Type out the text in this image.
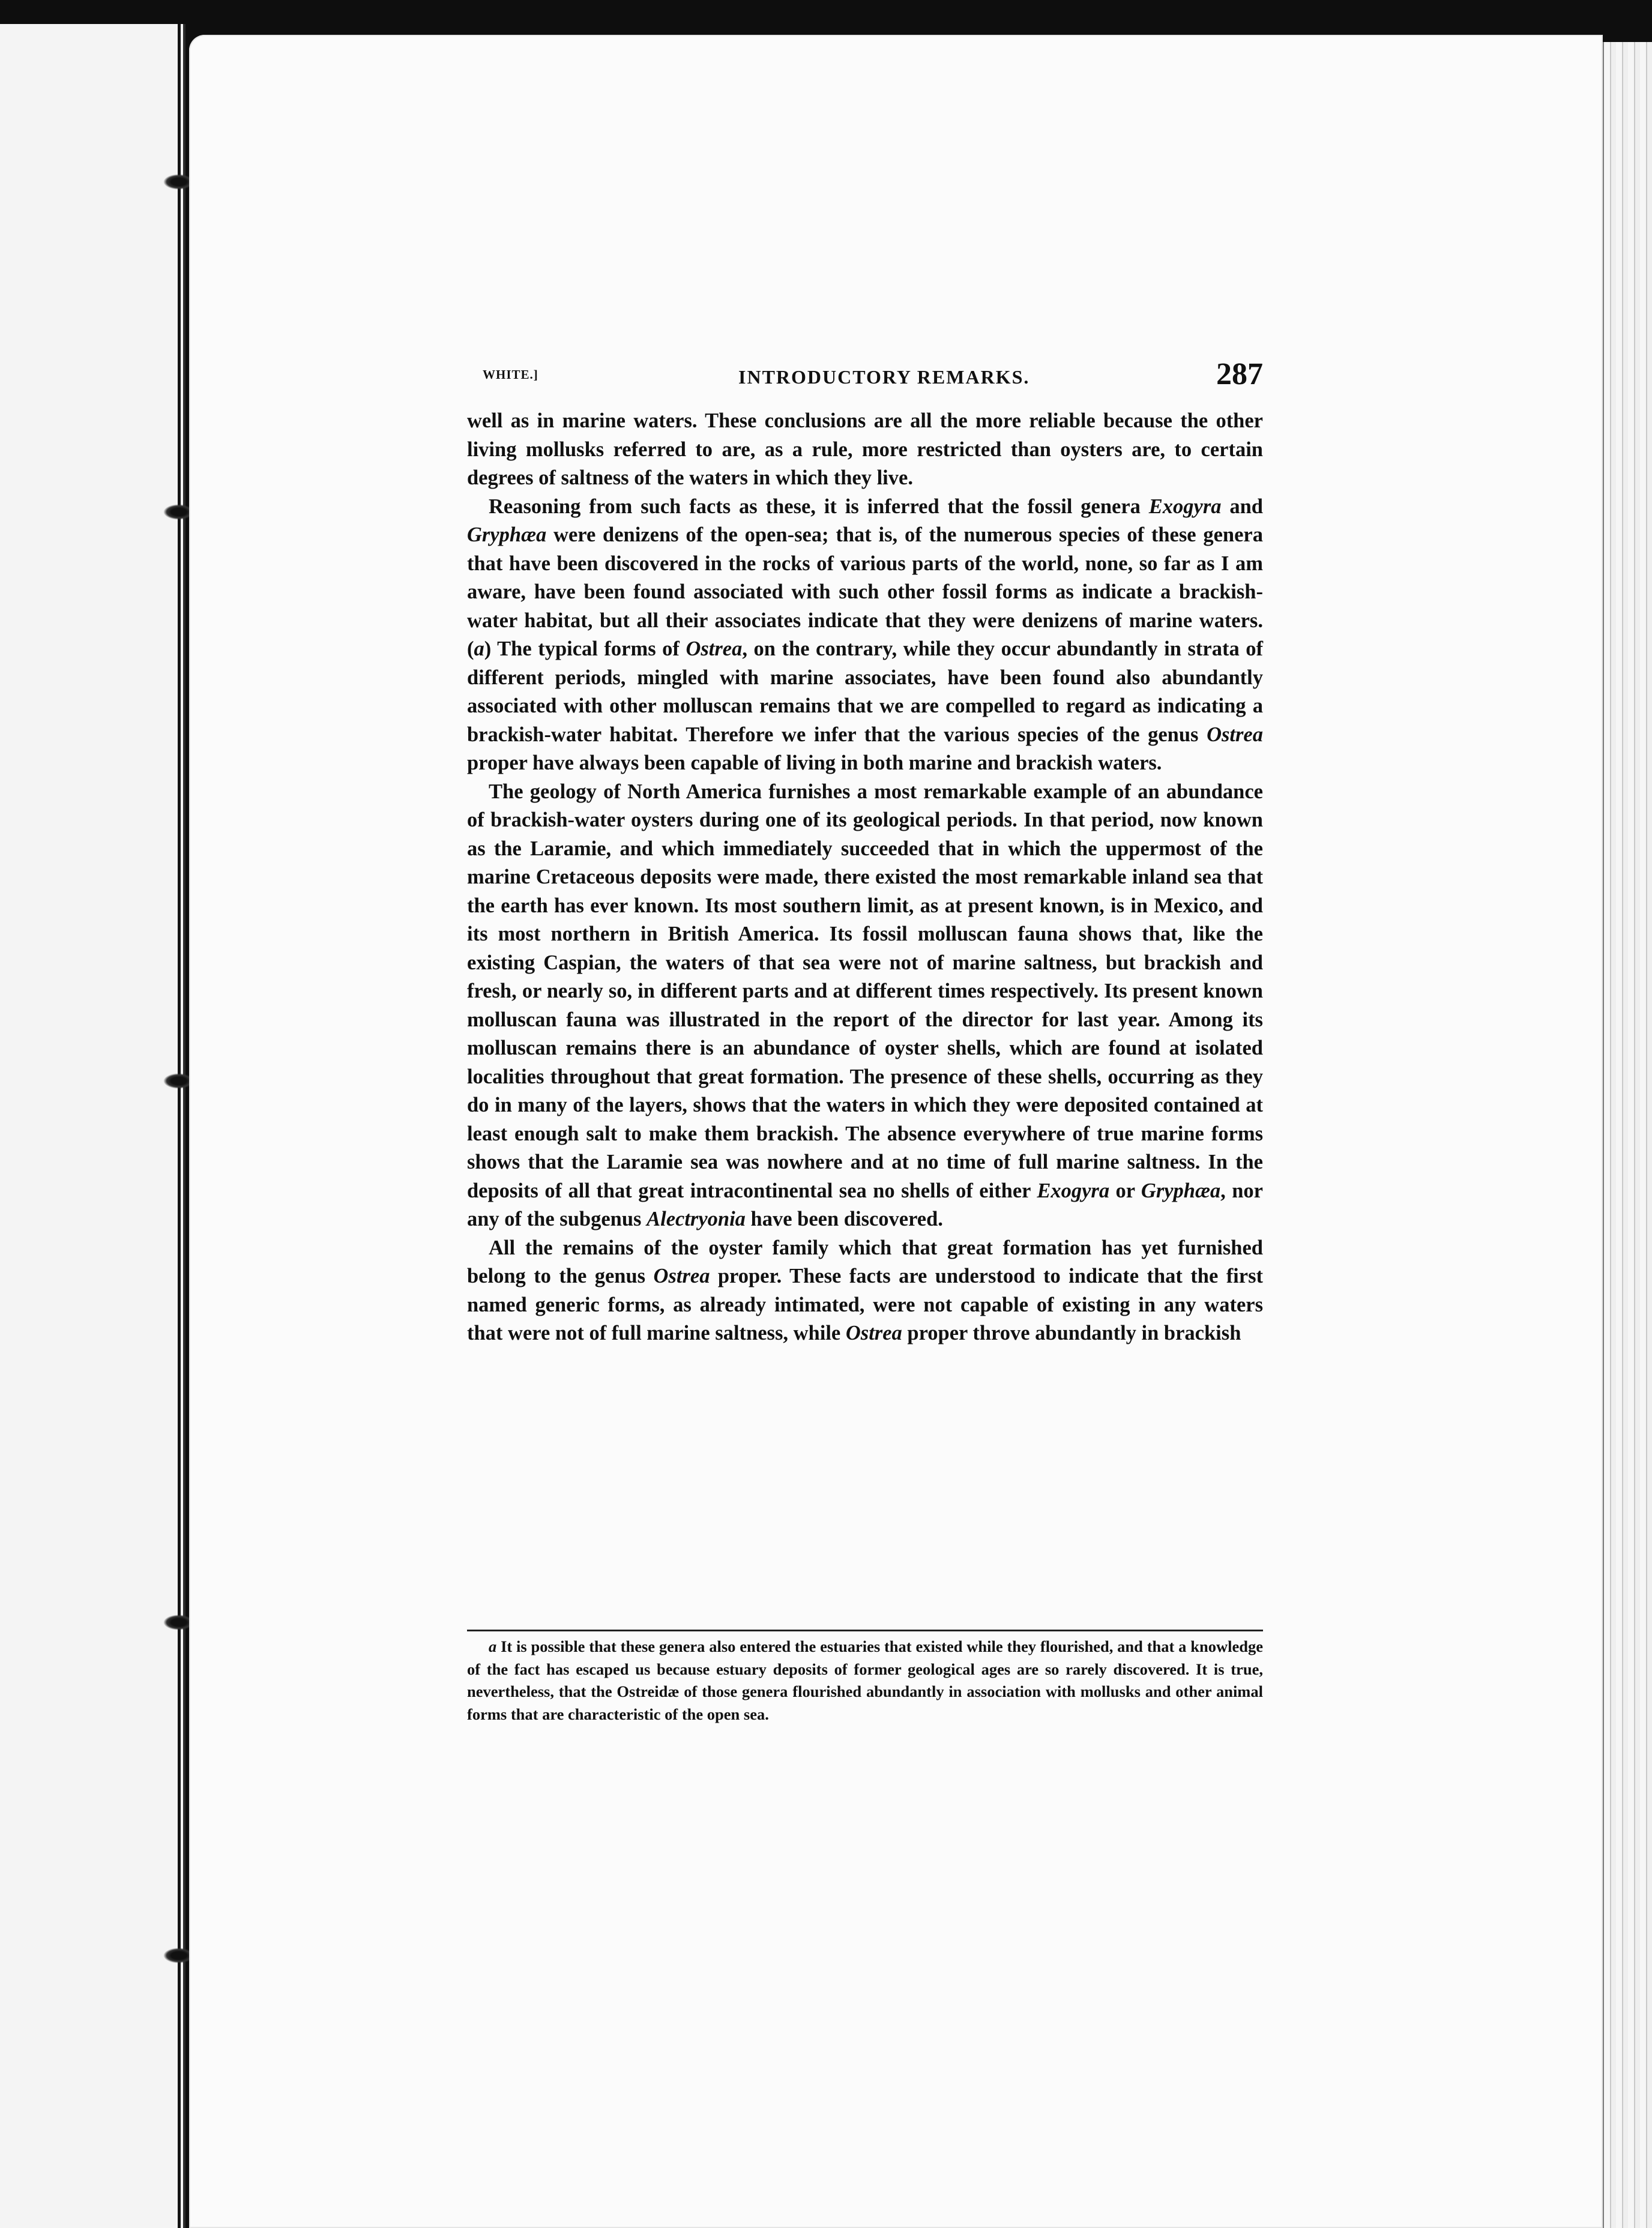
WHITE.]	INTRODUCTORY REMARKS.	287

well as in marine waters. These conclusions are all the more reliable because the other living mollusks referred to are, as a rule, more restricted than oysters are, to certain degrees of saltness of the waters in which they live.

Reasoning from such facts as these, it is inferred that the fossil genera Exogyra and Gryphæa were denizens of the open-sea; that is, of the numerous species of these genera that have been discovered in the rocks of various parts of the world, none, so far as I am aware, have been found associated with such other fossil forms as indicate a brackish-water habitat, but all their associates indicate that they were denizens of marine waters.(a) The typical forms of Ostrea, on the contrary, while they occur abundantly in strata of different periods, mingled with marine associates, have been found also abundantly associated with other molluscan remains that we are compelled to regard as indicating a brackish-water habitat. Therefore we infer that the various species of the genus Ostrea proper have always been capable of living in both marine and brackish waters.

The geology of North America furnishes a most remarkable example of an abundance of brackish-water oysters during one of its geological periods. In that period, now known as the Laramie, and which immediately succeeded that in which the uppermost of the marine Cretaceous deposits were made, there existed the most remarkable inland sea that the earth has ever known. Its most southern limit, as at present known, is in Mexico, and its most northern in British America. Its fossil molluscan fauna shows that, like the existing Caspian, the waters of that sea were not of marine saltness, but brackish and fresh, or nearly so, in different parts and at different times respectively. Its present known molluscan fauna was illustrated in the report of the director for last year. Among its molluscan remains there is an abundance of oyster shells, which are found at isolated localities throughout that great formation. The presence of these shells, occurring as they do in many of the layers, shows that the waters in which they were deposited contained at least enough salt to make them brackish. The absence everywhere of true marine forms shows that the Laramie sea was nowhere and at no time of full marine saltness. In the deposits of all that great intracontinental sea no shells of either Exogyra or Gryphæa, nor any of the subgenus Alectryonia have been discovered.

All the remains of the oyster family which that great formation has yet furnished belong to the genus Ostrea proper. These facts are understood to indicate that the first named generic forms, as already intimated, were not capable of existing in any waters that were not of full marine saltness, while Ostrea proper throve abundantly in brackish

a It is possible that these genera also entered the estuaries that existed while they flourished, and that a knowledge of the fact has escaped us because estuary deposits of former geological ages are so rarely discovered. It is true, nevertheless, that the Ostreidæ of those genera flourished abundantly in association with mollusks and other animal forms that are characteristic of the open sea.
